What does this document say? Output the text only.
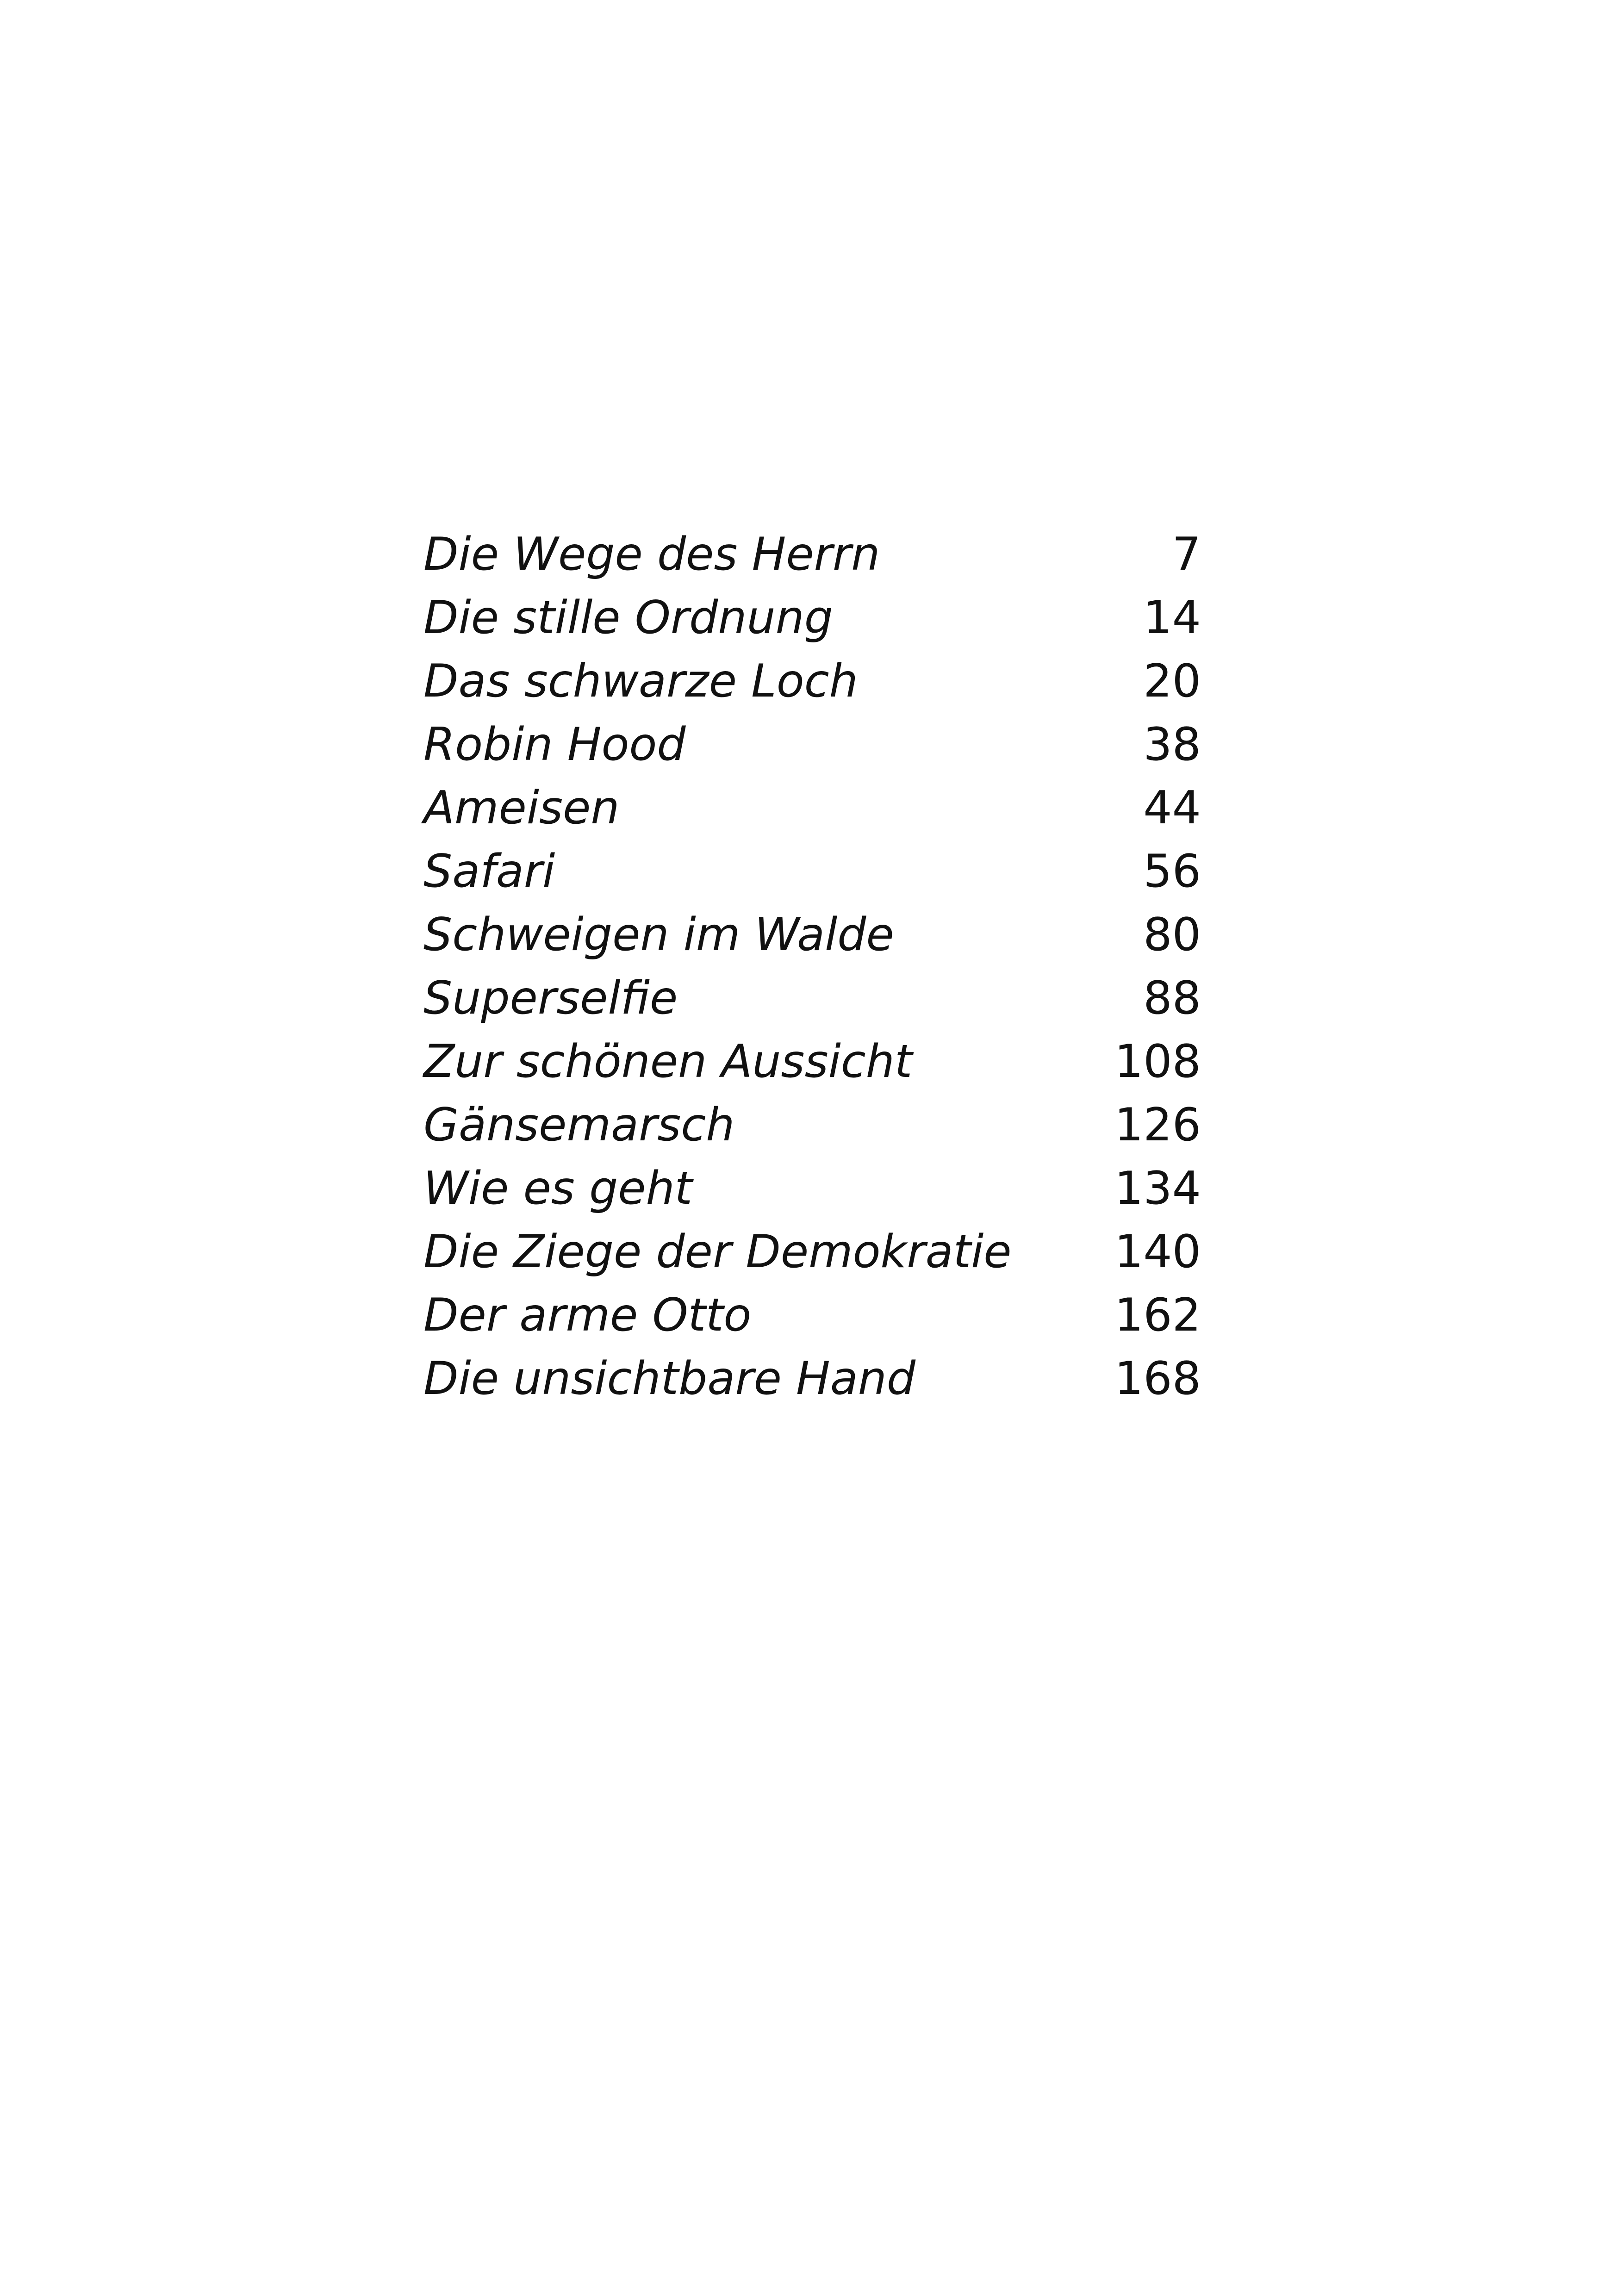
Die Wege des Herrn	7
Die stille Ordnung	14
Das schwarze Loch	20
Robin Hood	38
Ameisen	44
Safari	56
Schweigen im Walde	80
Superselfie	88
Zur schönen Aussicht	108
Gänsemarsch	126
Wie es geht	134
Die Ziege der Demokratie 140
Der arme Otto	162
Die unsichtbare Hand	168
